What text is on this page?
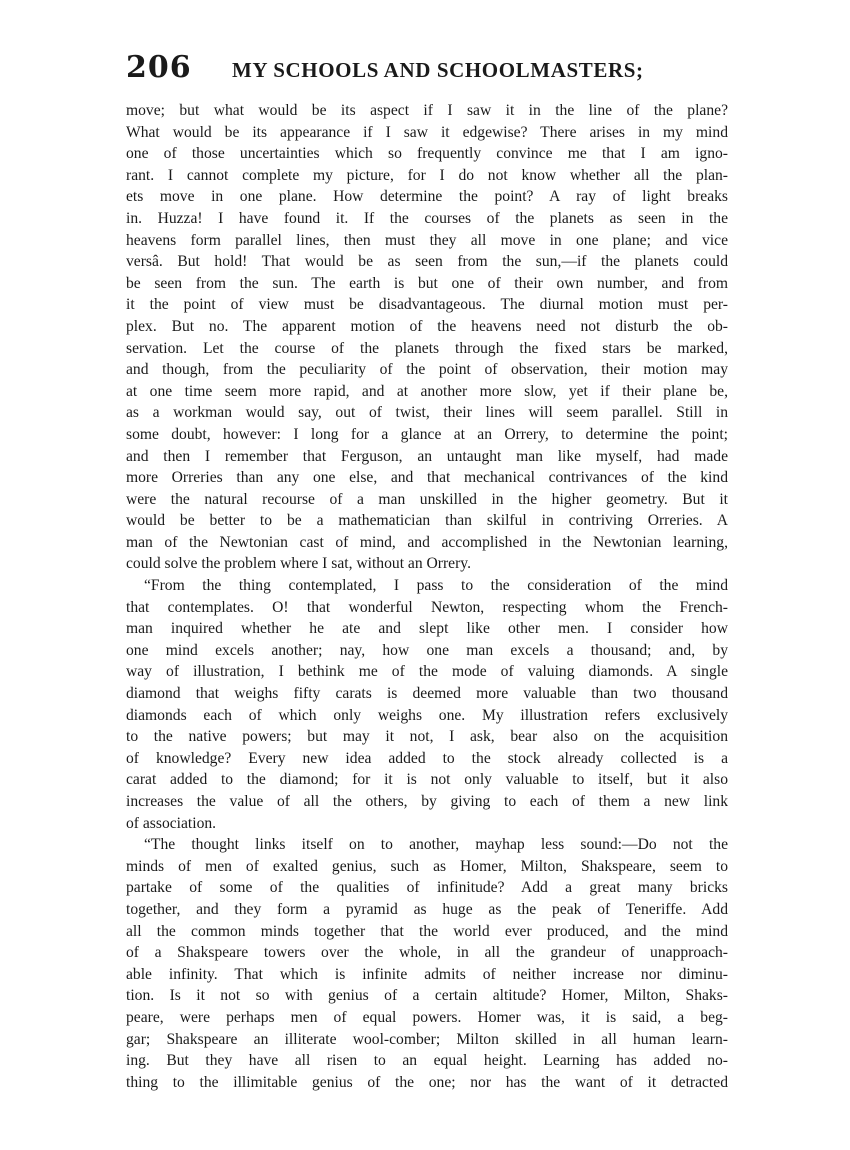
206 MY SCHOOLS AND SCHOOLMASTERS;
move; but what would be its aspect if I saw it in the line of the plane?
What would be its appearance if I saw it edgewise? There arises in my mind
one of those uncertainties which so frequently convince me that I am igno-
rant. I cannot complete my picture, for I do not know whether all the plan-
ets move in one plane. How determine the point? A ray of light breaks
in. Huzza! I have found it. If the courses of the planets as seen in the
heavens form parallel lines, then must they all move in one plane; and vice
versâ. But hold! That would be as seen from the sun,—if the planets could
be seen from the sun. The earth is but one of their own number, and from
it the point of view must be disadvantageous. The diurnal motion must per-
plex. But no. The apparent motion of the heavens need not disturb the ob-
servation. Let the course of the planets through the fixed stars be marked,
and though, from the peculiarity of the point of observation, their motion may
at one time seem more rapid, and at another more slow, yet if their plane be,
as a workman would say, out of twist, their lines will seem parallel. Still in
some doubt, however: I long for a glance at an Orrery, to determine the point;
and then I remember that Ferguson, an untaught man like myself, had made
more Orreries than any one else, and that mechanical contrivances of the kind
were the natural recourse of a man unskilled in the higher geometry. But it
would be better to be a mathematician than skilful in contriving Orreries. A
man of the Newtonian cast of mind, and accomplished in the Newtonian learning,
could solve the problem where I sat, without an Orrery.
“From the thing contemplated, I pass to the consideration of the mind
that contemplates. O! that wonderful Newton, respecting whom the French-
man inquired whether he ate and slept like other men. I consider how
one mind excels another; nay, how one man excels a thousand; and, by
way of illustration, I bethink me of the mode of valuing diamonds. A single
diamond that weighs fifty carats is deemed more valuable than two thousand
diamonds each of which only weighs one. My illustration refers exclusively
to the native powers; but may it not, I ask, bear also on the acquisition
of knowledge? Every new idea added to the stock already collected is a
carat added to the diamond; for it is not only valuable to itself, but it also
increases the value of all the others, by giving to each of them a new link
of association.
“The thought links itself on to another, mayhap less sound:—Do not the
minds of men of exalted genius, such as Homer, Milton, Shakspeare, seem to
partake of some of the qualities of infinitude? Add a great many bricks
together, and they form a pyramid as huge as the peak of Teneriffe. Add
all the common minds together that the world ever produced, and the mind
of a Shakspeare towers over the whole, in all the grandeur of unapproach-
able infinity. That which is infinite admits of neither increase nor diminu-
tion. Is it not so with genius of a certain altitude? Homer, Milton, Shaks-
peare, were perhaps men of equal powers. Homer was, it is said, a beg-
gar; Shakspeare an illiterate wool-comber; Milton skilled in all human learn-
ing. But they have all risen to an equal height. Learning has added no-
thing to the illimitable genius of the one; nor has the want of it detracted
